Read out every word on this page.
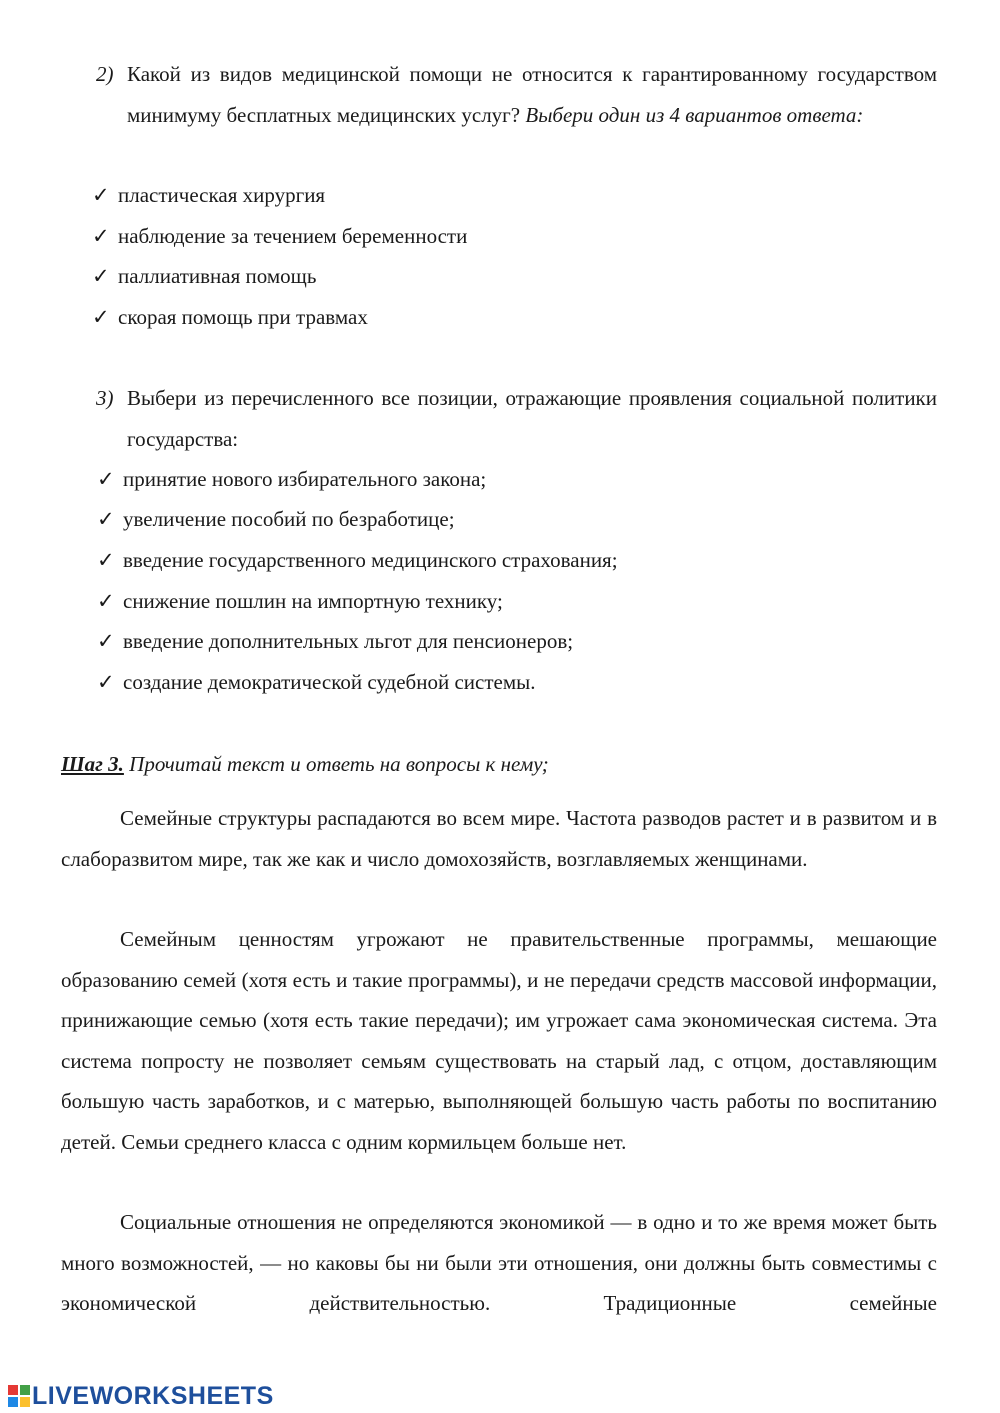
2) Какой из видов медицинской помощи не относится к гарантированному государством минимуму бесплатных медицинских услуг? Выбери один из 4 вариантов ответа:
✓ пластическая хирургия
✓ наблюдение за течением беременности
✓ паллиативная помощь
✓ скорая помощь при травмах
3) Выбери из перечисленного все позиции, отражающие проявления социальной политики государства:
✓ принятие нового избирательного закона;
✓ увеличение пособий по безработице;
✓ введение государственного медицинского страхования;
✓ снижение пошлин на импортную технику;
✓ введение дополнительных льгот для пенсионеров;
✓ создание демократической судебной системы.
Шаг 3. Прочитай текст и ответь на вопросы к нему;

Семейные структуры распадаются во всем мире. Частота разводов растет и в развитом и в слаборазвитом мире, так же как и число домохозяйств, возглавляемых женщинами.

Семейным ценностям угрожают не правительственные программы, мешающие образованию семей (хотя есть и такие программы), и не передачи средств массовой информации, принижающие семью (хотя есть такие передачи); им угрожает сама экономическая система. Эта система попросту не позволяет семьям существовать на старый лад, с отцом, доставляющим большую часть заработков, и с матерью, выполняющей большую часть работы по воспитанию детей. Семьи среднего класса с одним кормильцем больше нет.

Социальные отношения не определяются экономикой — в одно и то же время может быть много возможностей, — но каковы бы ни были эти отношения, они должны быть совместимы с экономической действительностью. Традиционные семейные

LIVEWORKSHEETS
